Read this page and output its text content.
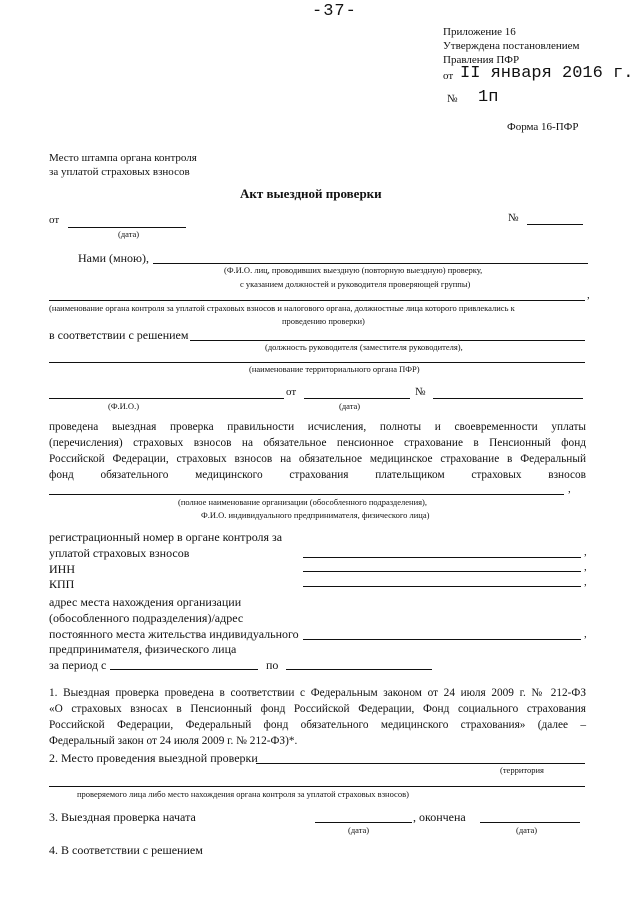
-37-
Приложение 16
Утверждена постановлением
Правления ПФР
от II января 2016 г.
№ 1п
Форма 16-ПФР
Место штампа органа контроля
за уплатой страховых взносов
Акт выездной проверки
от
(дата)
№
Нами (мною),
(Ф.И.О. лиц, проводивших выездную (повторную выездную) проверку,
с указанием должностей и руководителя проверяющей группы)
,
(наименование органа контроля за уплатой страховых взносов и налогового органа, должностные лица которого привлекались к
проведению проверки)
в соответствии с решением
(должность руководителя (заместителя руководителя),
(наименование территориального органа ПФР)
от	№
(Ф.И.О.)	(дата)
проведена выездная проверка правильности исчисления, полноты и своевременности уплаты
(перечисления) страховых взносов на обязательное пенсионное страхование в Пенсионный фонд
Российской Федерации, страховых взносов на обязательное медицинское страхование в Федеральный
фонд обязательного медицинского страхования плательщиком страховых взносов
,
(полное наименование организации (обособленного подразделения),
Ф.И.О. индивидуального предпринимателя, физического лица)
регистрационный номер в органе контроля за
уплатой страховых взносов	,
ИНН	,
КПП	,
адрес места нахождения организации
(обособленного подразделения)/адрес
постоянного места жительства индивидуального
предпринимателя, физического лица
,
за период с	по
1. Выездная проверка проведена в соответствии с Федеральным законом от 24 июля 2009 г. № 212-ФЗ
«О страховых взносах в Пенсионный фонд Российской Федерации, Фонд социального страхования
Российской Федерации, Федеральный фонд обязательного медицинского страхования» (далее –
Федеральный закон от 24 июля 2009 г. № 212-ФЗ)*.
2. Место проведения выездной проверки
(территория
проверяемого лица либо место нахождения органа контроля за уплатой страховых взносов)
3. Выездная проверка начата	, окончена
(дата)	(дата)
4. В соответствии с решением
